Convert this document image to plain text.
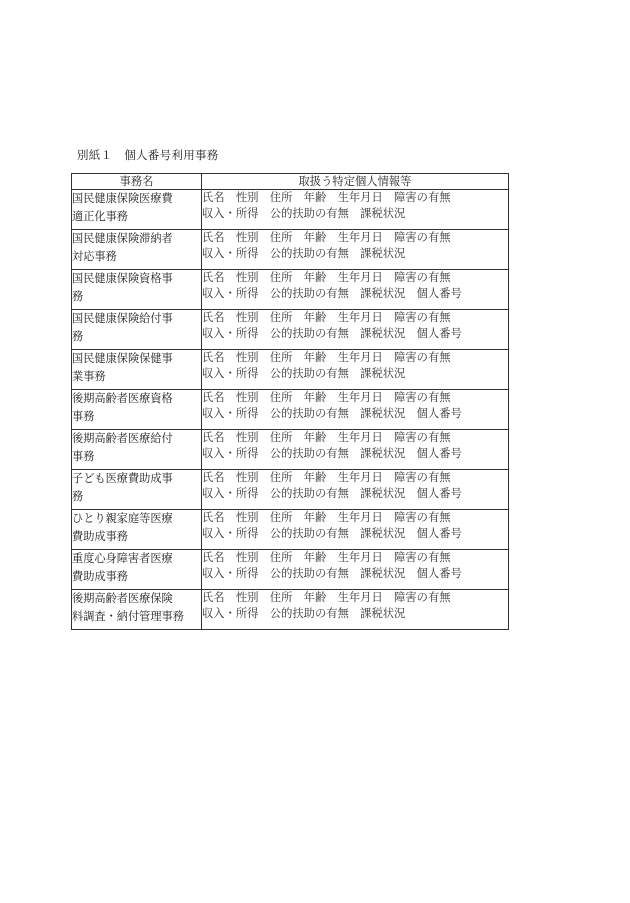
別紙１　個人番号利用事務
事務名	取扱う特定個人情報等

国民健康保険医療費
適正化事務	氏名　性別　住所　年齢　生年月日　障害の有無
収入・所得　公的扶助の有無　課税状況

国民健康保険滞納者
対応事務	氏名　性別　住所　年齢　生年月日　障害の有無
収入・所得　公的扶助の有無　課税状況

国民健康保険資格事
務	氏名　性別　住所　年齢　生年月日　障害の有無
収入・所得　公的扶助の有無　課税状況　個人番号

国民健康保険給付事
務	氏名　性別　住所　年齢　生年月日　障害の有無
収入・所得　公的扶助の有無　課税状況　個人番号

国民健康保険保健事
業事務	氏名　性別　住所　年齢　生年月日　障害の有無
収入・所得　公的扶助の有無　課税状況

後期高齢者医療資格
事務	氏名　性別　住所　年齢　生年月日　障害の有無
収入・所得　公的扶助の有無　課税状況　個人番号

後期高齢者医療給付
事務	氏名　性別　住所　年齢　生年月日　障害の有無
収入・所得　公的扶助の有無　課税状況　個人番号

子ども医療費助成事
務	氏名　性別　住所　年齢　生年月日　障害の有無
収入・所得　公的扶助の有無　課税状況　個人番号

ひとり親家庭等医療
費助成事務	氏名　性別　住所　年齢　生年月日　障害の有無
収入・所得　公的扶助の有無　課税状況　個人番号

重度心身障害者医療
費助成事務	氏名　性別　住所　年齢　生年月日　障害の有無
収入・所得　公的扶助の有無　課税状況　個人番号

後期高齢者医療保険
料調査・納付管理事務	氏名　性別　住所　年齢　生年月日　障害の有無
収入・所得　公的扶助の有無　課税状況
